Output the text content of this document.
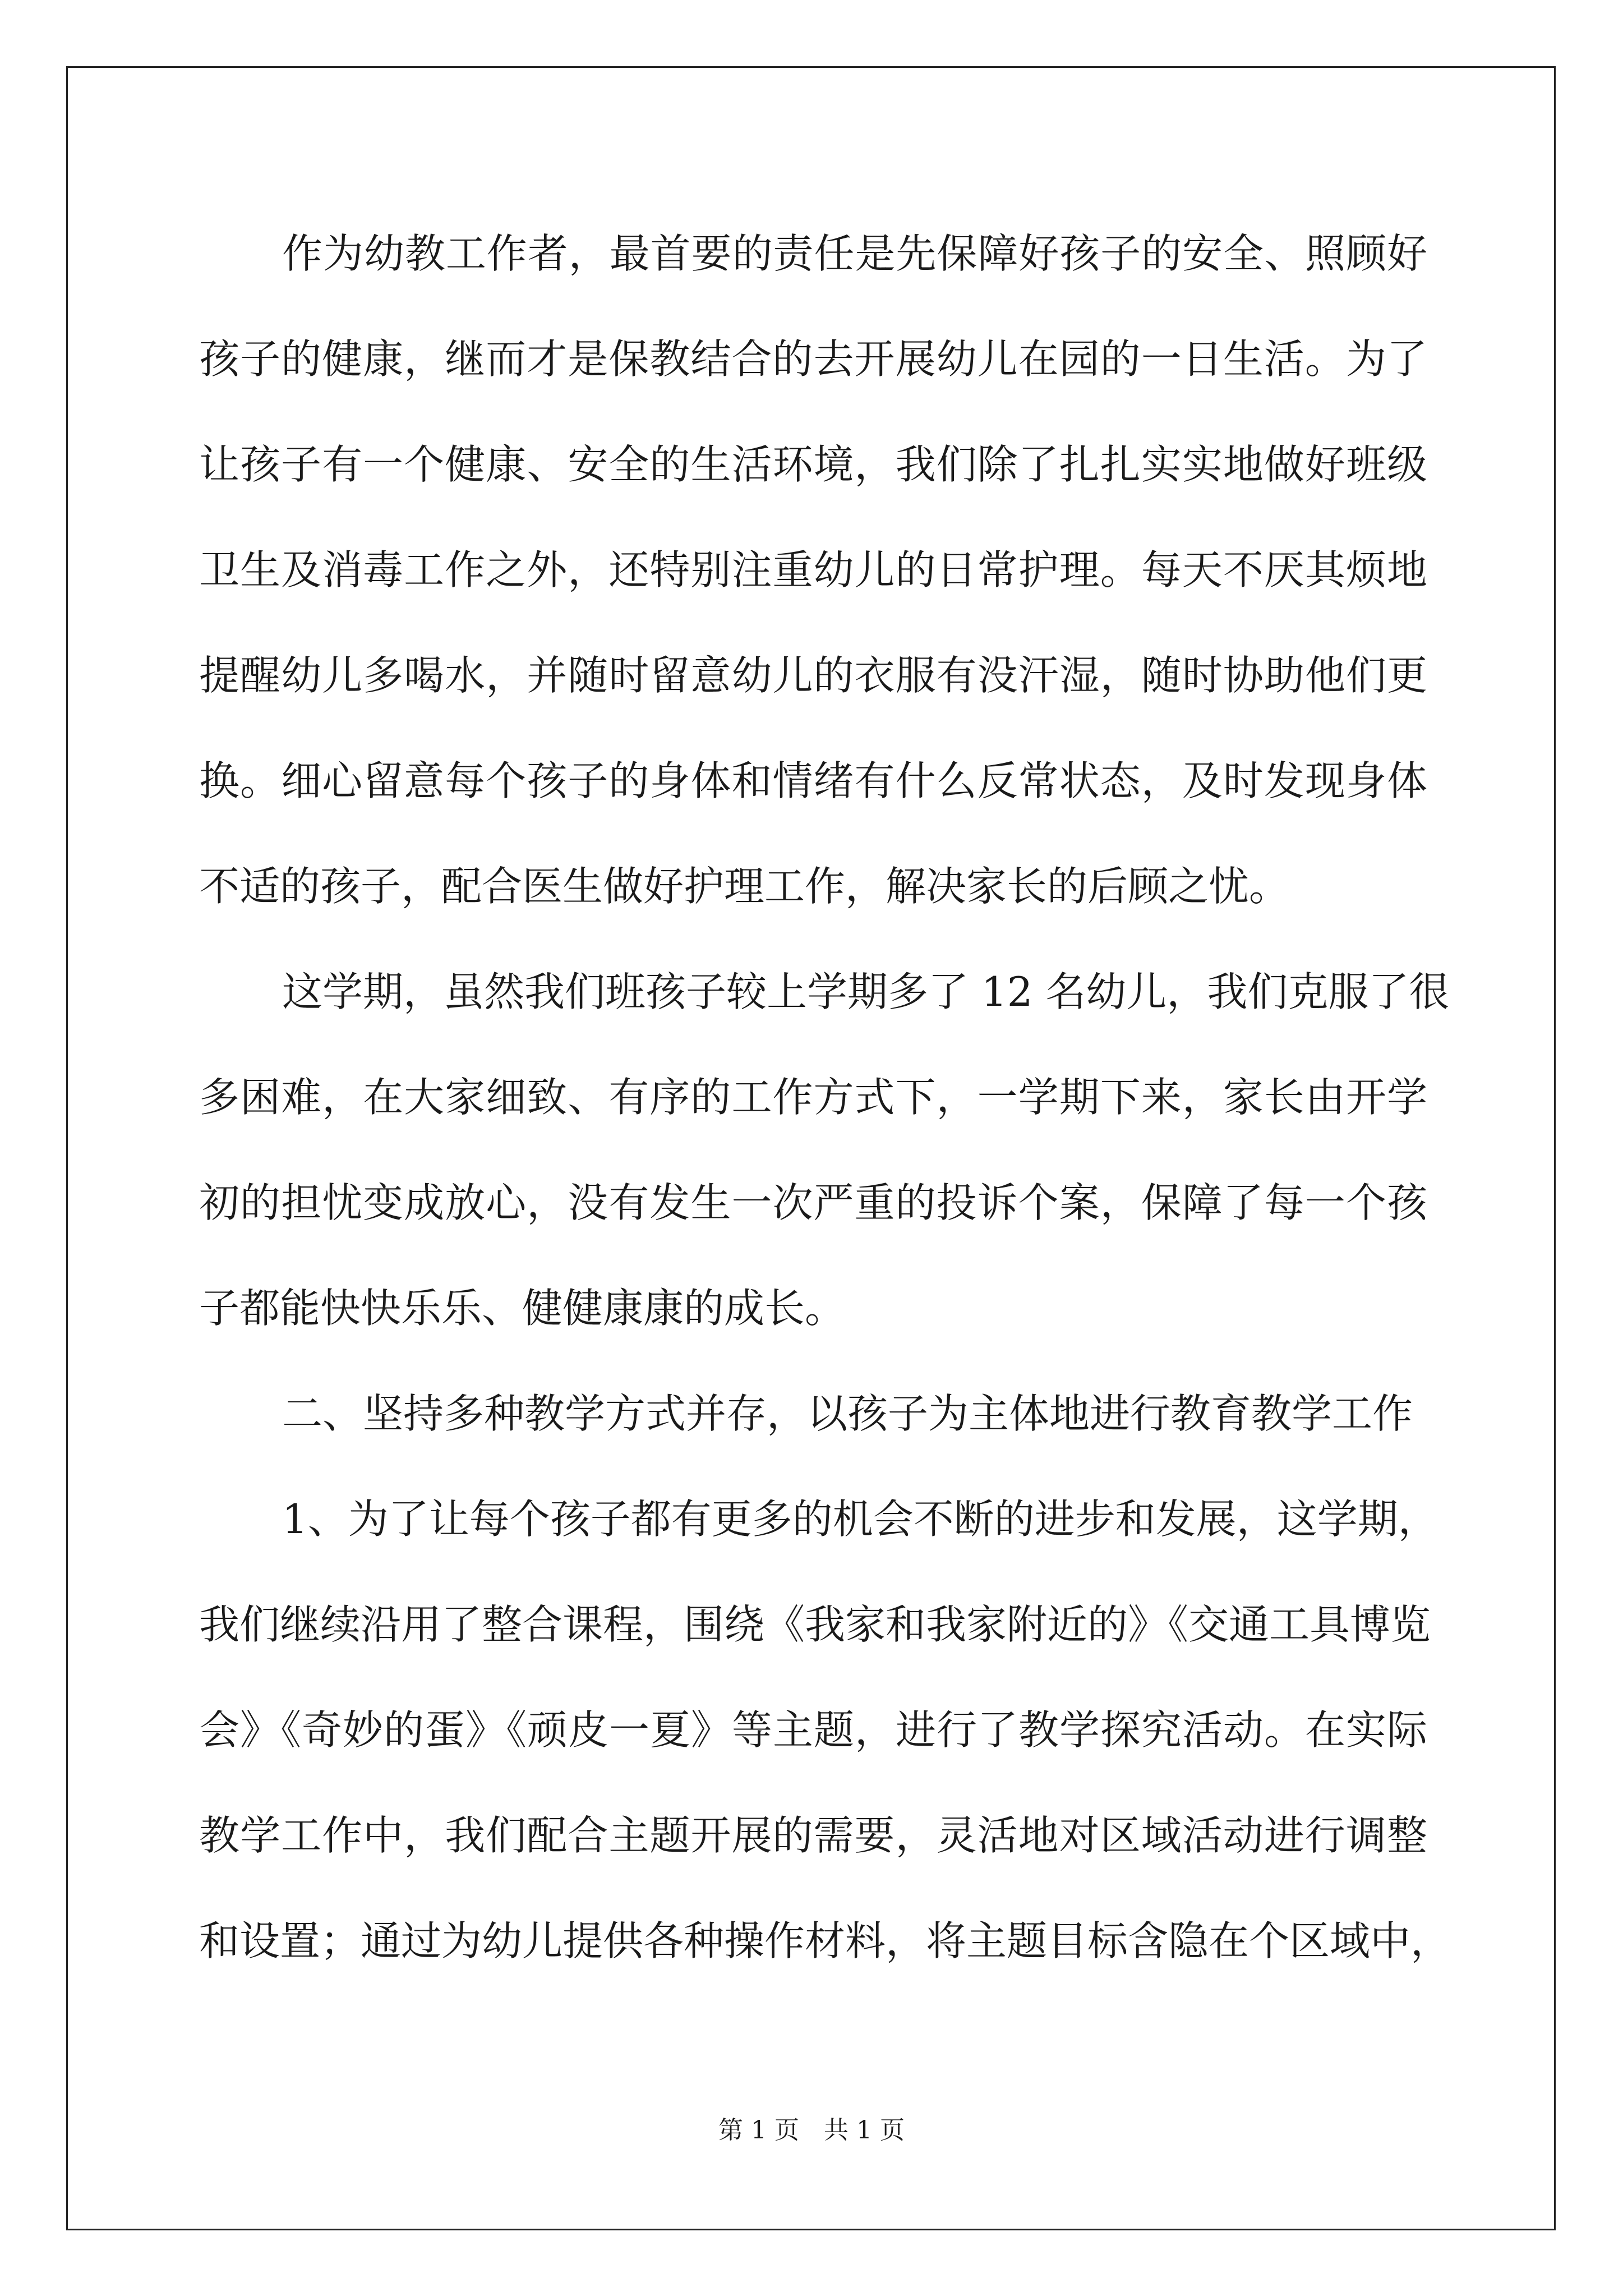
作为幼教工作者，最首要的责任是先保障好孩子的安全、照顾好
孩子的健康，继而才是保教结合的去开展幼儿在园的一日生活。为了
让孩子有一个健康、安全的生活环境，我们除了扎扎实实地做好班级
卫生及消毒工作之外，还特别注重幼儿的日常护理。每天不厌其烦地
提醒幼儿多喝水，并随时留意幼儿的衣服有没汗湿，随时协助他们更
换。细心留意每个孩子的身体和情绪有什么反常状态，及时发现身体
不适的孩子，配合医生做好护理工作，解决家长的后顾之忧。
这学期，虽然我们班孩子较上学期多了 12 名幼儿，我们克服了很
多困难，在大家细致、有序的工作方式下，一学期下来，家长由开学
初的担忧变成放心，没有发生一次严重的投诉个案，保障了每一个孩
子都能快快乐乐、健健康康的成长。
二、坚持多种教学方式并存，以孩子为主体地进行教育教学工作
1、为了让每个孩子都有更多的机会不断的进步和发展，这学期，
我们继续沿用了整合课程，围绕《我家和我家附近的》《交通工具博览
会》《奇妙的蛋》《顽皮一夏》等主题，进行了教学探究活动。在实际
教学工作中，我们配合主题开展的需要，灵活地对区域活动进行调整
和设置；通过为幼儿提供各种操作材料，将主题目标含隐在个区域中，
第 1 页　共 1 页
